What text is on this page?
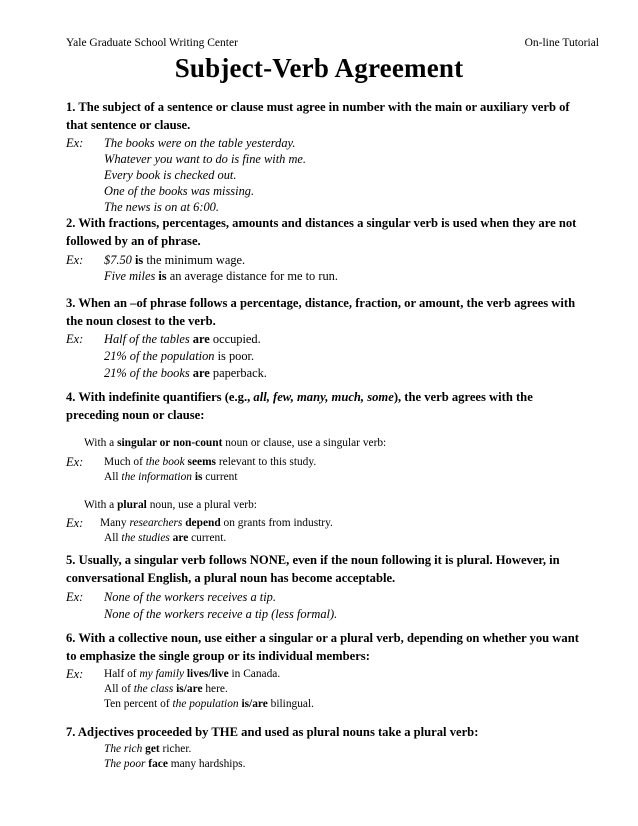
Yale Graduate School Writing Center	On-line Tutorial
Subject-Verb Agreement
1. The subject of a sentence or clause must agree in number with the main or auxiliary verb of that sentence or clause.
Ex: The books were on the table yesterday.
Whatever you want to do is fine with me.
Every book is checked out.
One of the books was missing.
The news is on at 6:00.
2. With fractions, percentages, amounts and distances a singular verb is used when they are not followed by an of phrase.
Ex: $7.50 is the minimum wage.
Five miles is an average distance for me to run.
3. When an –of phrase follows a percentage, distance, fraction, or amount, the verb agrees with the noun closest to the verb.
Ex: Half of the tables are occupied.
21% of the population is poor.
21% of the books are paperback.
4. With indefinite quantifiers (e.g., all, few, many, much, some), the verb agrees with the preceding noun or clause:
With a singular or non-count noun or clause, use a singular verb:
Ex: Much of the book seems relevant to this study.
All the information is current
With a plural noun, use a plural verb:
Ex: Many researchers depend on grants from industry.
All the studies are current.
5. Usually, a singular verb follows NONE, even if the noun following it is plural. However, in conversational English, a plural noun has become acceptable.
Ex: None of the workers receives a tip.
None of the workers receive a tip (less formal).
6. With a collective noun, use either a singular or a plural verb, depending on whether you want to emphasize the single group or its individual members:
Ex: Half of my family lives/live in Canada.
All of the class is/are here.
Ten percent of the population is/are bilingual.
7. Adjectives proceeded by THE and used as plural nouns take a plural verb:
The rich get richer.
The poor face many hardships.
